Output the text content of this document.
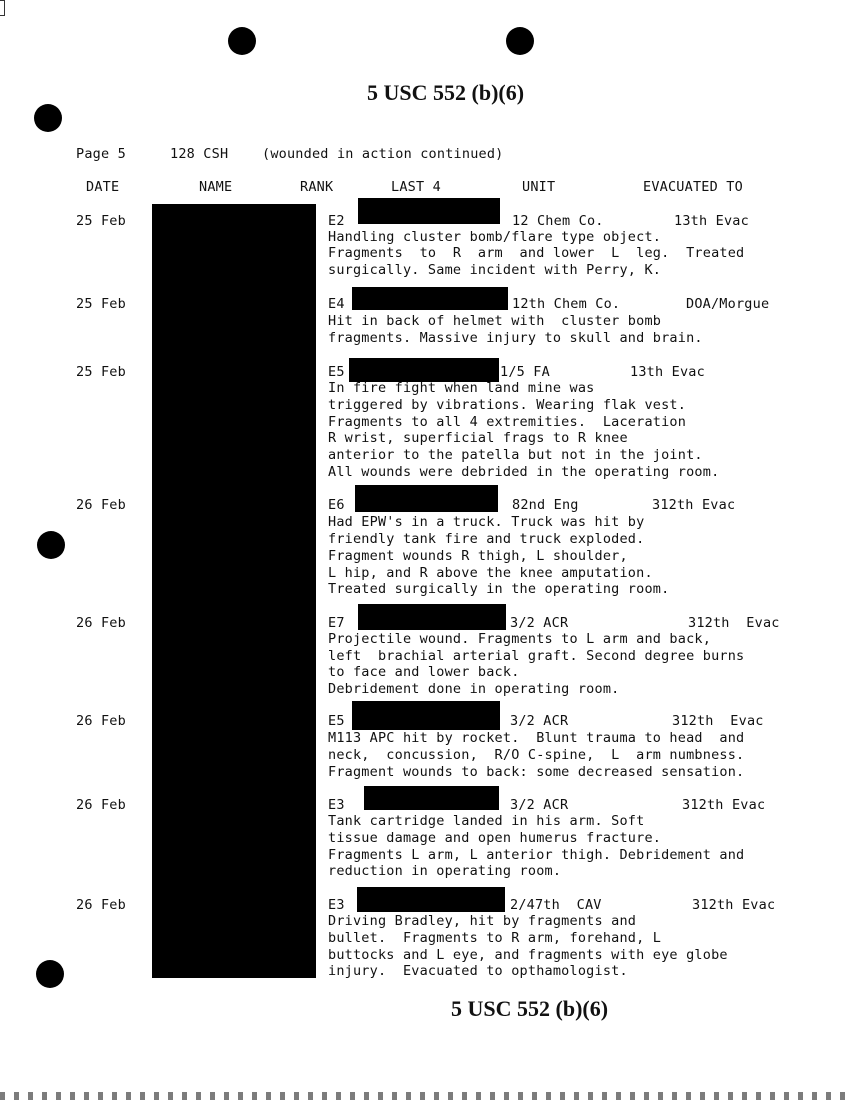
5 USC 552 (b)(6)
Page 5	128 CSH (wounded in action continued)
DATE	NAME	RANK	LAST 4	UNIT	EVACUATED TO
25 Feb	E2	12 Chem Co.	13th Evac
Handling cluster bomb/flare type object.
Fragments  to  R  arm  and lower  L  leg.  Treated
surgically. Same incident with Perry, K.
25 Feb	E4	12th Chem Co.	DOA/Morgue
Hit in back of helmet with  cluster bomb
fragments. Massive injury to skull and brain.
25 Feb	E5	1/5 FA	13th Evac
In fire fight when land mine was
triggered by vibrations. Wearing flak vest.
Fragments to all 4 extremities.  Laceration
R wrist, superficial frags to R knee
anterior to the patella but not in the joint.
All wounds were debrided in the operating room.
26 Feb	E6	82nd Eng	312th Evac
Had EPW's in a truck. Truck was hit by
friendly tank fire and truck exploded.
Fragment wounds R thigh, L shoulder,
L hip, and R above the knee amputation.
Treated surgically in the operating room.
26 Feb	E7	3/2 ACR	312th  Evac
Projectile wound. Fragments to L arm and back,
left  brachial arterial graft. Second degree burns
to face and lower back.
Debridement done in operating room.
26 Feb	E5	3/2 ACR	312th  Evac
M113 APC hit by rocket.  Blunt trauma to head  and
neck,  concussion,  R/O C-spine,  L  arm numbness.
Fragment wounds to back: some decreased sensation.
26 Feb	E3	3/2 ACR	312th Evac
Tank cartridge landed in his arm. Soft
tissue damage and open humerus fracture.
Fragments L arm, L anterior thigh. Debridement and
reduction in operating room.
26 Feb	E3	2/47th  CAV	312th Evac
Driving Bradley, hit by fragments and
bullet.  Fragments to R arm, forehand, L
buttocks and L eye, and fragments with eye globe
injury.  Evacuated to opthamologist.
5 USC 552 (b)(6)
